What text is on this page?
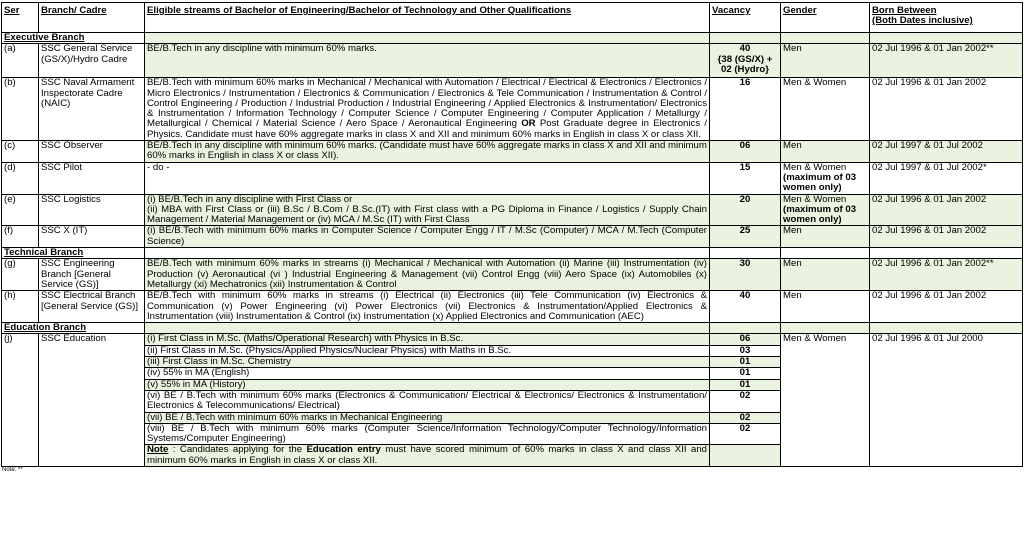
Ser	Branch/ Cadre	Eligible streams of Bachelor of Engineering/Bachelor of Technology and Other Qualifications	Vacancy	Gender	Born Between
(Both Dates inclusive)

Executive Branch					
(a)	SSC General Service (GS/X)/Hydro Cadre	BE/B.Tech in any discipline with minimum 60% marks.	40
{38 (GS/X) + 02 (Hydro}	Men	02 Jul 1996 & 01 Jan 2002**
(b)	SSC Naval Armament Inspectorate Cadre (NAIC)	BE/B.Tech with minimum 60% marks in Mechanical / Mechanical with Automation / Electrical / Electrical & Electronics / Electronics / Micro Electronics / Instrumentation / Electronics & Communication / Electronics & Tele Communication / Instrumentation & Control / Control Engineering / Production / Industrial Production / Industrial Engineering / Applied Electronics & Instrumentation/ Electronics & Instrumentation / Information Technology / Computer Science / Computer Engineering / Computer Application / Metallurgy / Metallurgical / Chemical / Material Science / Aero Space / Aeronautical Engineering OR Post Graduate degree in Electronics / Physics. Candidate must have 60% aggregate marks in class X and XII and minimum 60% marks in English in class X or class XII.	16	Men & Women	02 Jul 1996 & 01 Jan 2002
(c)	SSC Observer	BE/B.Tech in any discipline with minimum 60% marks. (Candidate must have 60% aggregate marks in class X and XII and minimum 60% marks in English in class X or class XII).	06	Men	02 Jul 1997 & 01 Jul 2002
(d)	SSC Pilot	- do -	15	Men & Women
(maximum of 03 women only)	02 Jul 1997 & 01 Jul 2002*
(e)	SSC Logistics	(i) BE/B.Tech in any discipline with First Class or
(ii) MBA with First Class or (iii) B.Sc / B.Com / B.Sc.(IT) with First class with a PG Diploma in Finance / Logistics / Supply Chain Management / Material Management or (iv) MCA / M.Sc (IT) with First Class	20	Men & Women
(maximum of 03 women only)	02 Jul 1996 & 01 Jan 2002
(f)	SSC X (IT)	(i) BE/B.Tech with minimum 60% marks in Computer Science / Computer Engg / IT / M.Sc (Computer) / MCA / M.Tech (Computer Science)	25	Men	02 Jul 1996 & 01 Jan 2002
Technical Branch					
(g)	SSC Engineering Branch [General Service (GS)]	BE/B.Tech with minimum 60% marks in streams (i) Mechanical / Mechanical with Automation (ii) Marine (iii) Instrumentation (iv) Production (v) Aeronautical (vi ) Industrial Engineering & Management (vii) Control Engg (viii) Aero Space (ix) Automobiles (x) Metallurgy (xi) Mechatronics (xii) Instrumentation & Control	30	Men	02 Jul 1996 & 01 Jan 2002**
(h)	SSC Electrical Branch [General Service (GS)]	BE/B.Tech with minimum 60% marks in streams (i) Electrical (ii) Electronics (iii) Tele Communication (iv) Electronics & Communication (v) Power Engineering (vi) Power Electronics (vii) Electronics & Instrumentation/Applied Electronics & Instrumentation (viii) Instrumentation & Control (ix) Instrumentation (x) Applied Electronics and Communication (AEC)	40	Men	02 Jul 1996 & 01 Jan 2002
Education Branch					
(j)	SSC Education	(i) First Class in M.Sc. (Maths/Operational Research) with Physics in B.Sc.	06	Men & Women	02 Jul 1996 & 01 Jul 2000
		(ii) First Class in M.Sc. (Physics/Applied Physics/Nuclear Physics) with Maths in B.Sc.	03		
		(iii) First Class in M.Sc. Chemistry	01		
		(iv) 55% in MA (English)	01		
		(v) 55% in MA (History)	01		
		(vi) BE / B.Tech with minimum 60% marks (Electronics & Communication/ Electrical & Electronics/ Electronics & Instrumentation/ Electronics & Telecommunications/ Electrical)	02		
		(vii) BE / B.Tech with minimum 60% marks in Mechanical Engineering	02		
		(viii) BE / B.Tech with minimum 60% marks (Computer Science/Information Technology/Computer Technology/Information Systems/Computer Engineering)	02		
		Note : Candidates applying for the Education entry must have scored minimum of 60% marks in class X and class XII and minimum 60% marks in English in class X or class XII.			
Note: **
